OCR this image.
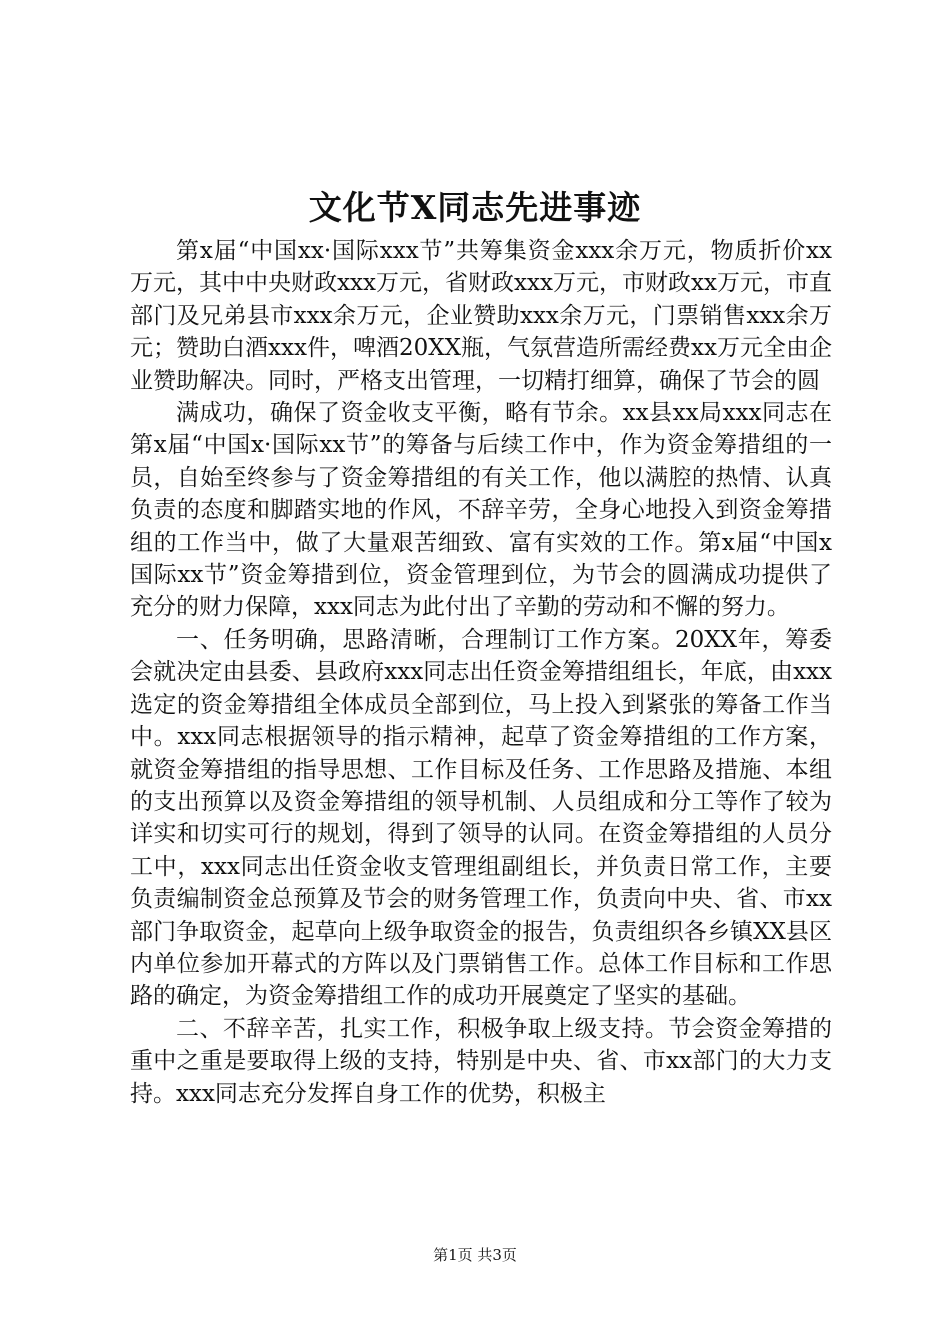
文化节X同志先进事迹

第x届“中国xx·国际xxx节”共筹集资金xxx余万元，物质折价xx万元，其中中央财政xxx万元，省财政xxx万元，市财政xx万元，市直部门及兄弟县市xxx余万元，企业赞助xxx余万元，门票销售xxx余万元；赞助白酒xxx件，啤酒20XX瓶，气氛营造所需经费xx万元全由企业赞助解决。同时，严格支出管理，一切精打细算，确保了节会的圆

满成功，确保了资金收支平衡，略有节余。xx县xx局xxx同志在第x届“中国x·国际xx节”的筹备与后续工作中，作为资金筹措组的一员，自始至终参与了资金筹措组的有关工作，他以满腔的热情、认真负责的态度和脚踏实地的作风，不辞辛劳，全身心地投入到资金筹措组的工作当中，做了大量艰苦细致、富有实效的工作。第x届“中国x国际xx节”资金筹措到位，资金管理到位，为节会的圆满成功提供了充分的财力保障，xxx同志为此付出了辛勤的劳动和不懈的努力。

一、任务明确，思路清晰，合理制订工作方案。20XX年，筹委会就决定由县委、县政府xxx同志出任资金筹措组组长，年底，由xxx选定的资金筹措组全体成员全部到位，马上投入到紧张的筹备工作当中。xxx同志根据领导的指示精神，起草了资金筹措组的工作方案，就资金筹措组的指导思想、工作目标及任务、工作思路及措施、本组的支出预算以及资金筹措组的领导机制、人员组成和分工等作了较为详实和切实可行的规划，得到了领导的认同。在资金筹措组的人员分工中，xxx同志出任资金收支管理组副组长，并负责日常工作，主要负责编制资金总预算及节会的财务管理工作，负责向中央、省、市xx部门争取资金，起草向上级争取资金的报告，负责组织各乡镇XX县区内单位参加开幕式的方阵以及门票销售工作。总体工作目标和工作思路的确定，为资金筹措组工作的成功开展奠定了坚实的基础。

二、不辞辛苦，扎实工作，积极争取上级支持。节会资金筹措的重中之重是要取得上级的支持，特别是中央、省、市xx部门的大力支持。xxx同志充分发挥自身工作的优势，积极主

第1页 共3页
